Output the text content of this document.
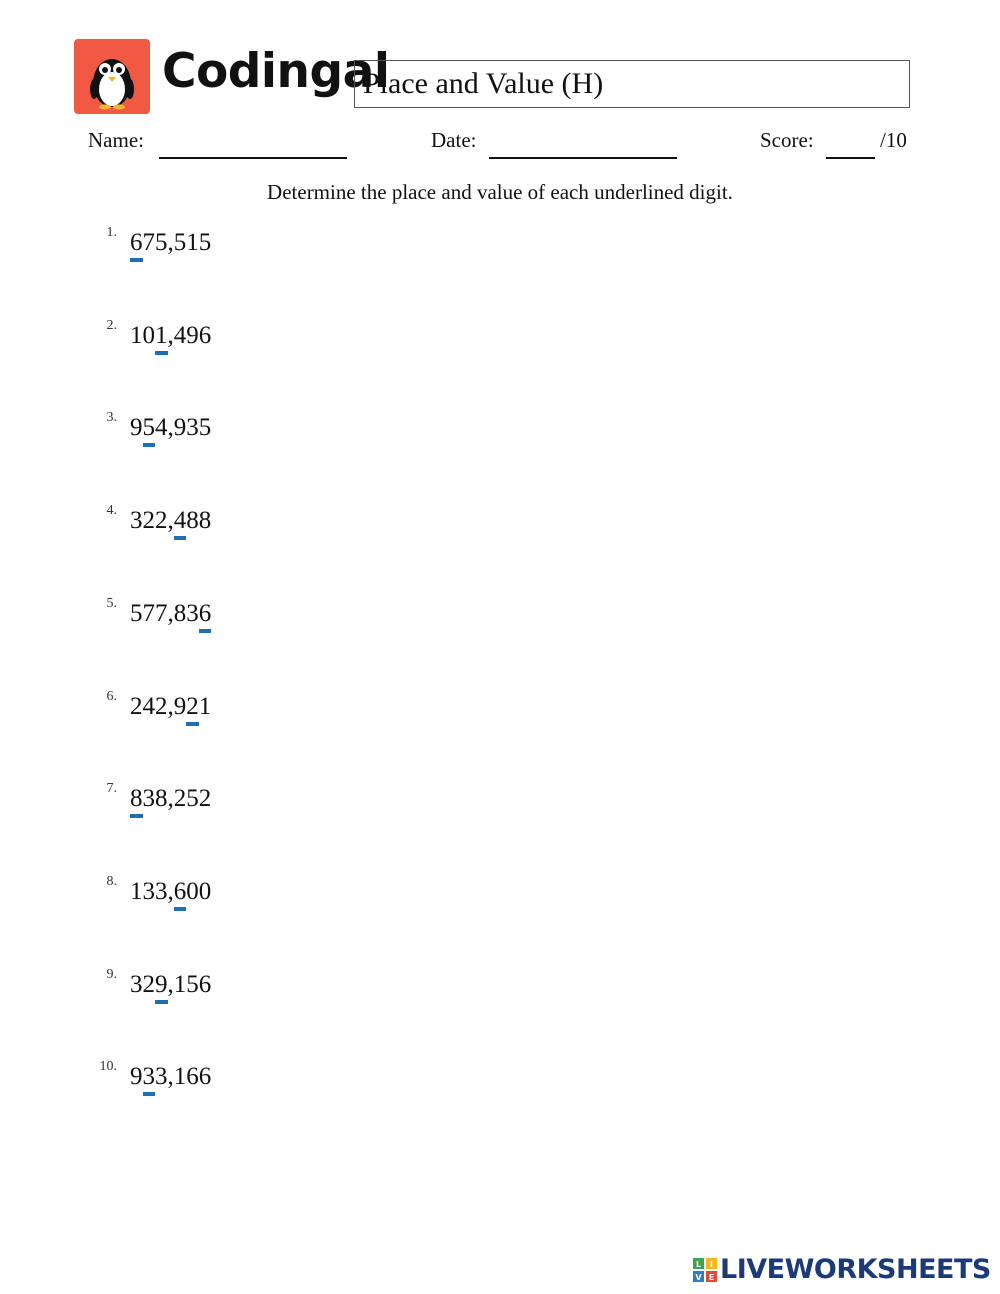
Codingal
Place and Value (H)
Name:	Date:	Score:	/10
Determine the place and value of each underlined digit.
1. 675,515
2. 101,496
3. 954,935
4. 322,488
5. 577,836
6. 242,921
7. 838,252
8. 133,600
9. 329,156
10. 933,166
L I
V E LIVEWORKSHEETS
